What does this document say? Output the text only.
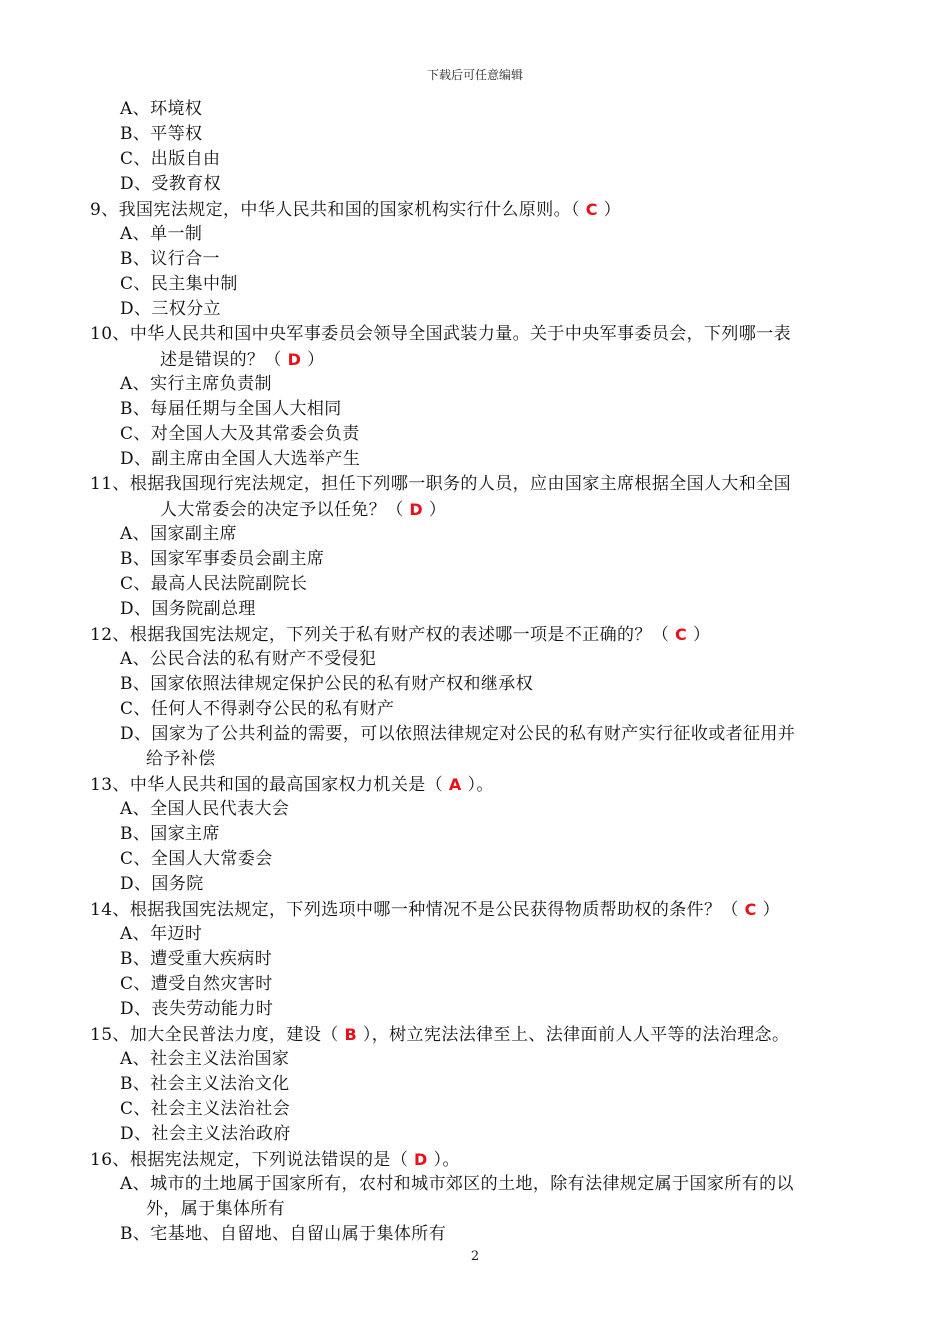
下载后可任意编辑
A、环境权
B、平等权
C、出版自由
D、受教育权
9、我国宪法规定，中华人民共和国的国家机构实行什么原则。（ C ）
A、单一制
B、议行合一
C、民主集中制
D、三权分立
10、中华人民共和国中央军事委员会领导全国武装力量。关于中央军事委员会，下列哪一表
述是错误的？（ D ）
A、实行主席负责制
B、每届任期与全国人大相同
C、对全国人大及其常委会负责
D、副主席由全国人大选举产生
11、根据我国现行宪法规定，担任下列哪一职务的人员，应由国家主席根据全国人大和全国
人大常委会的决定予以任免？（ D ）
A、国家副主席
B、国家军事委员会副主席
C、最高人民法院副院长
D、国务院副总理
12、根据我国宪法规定，下列关于私有财产权的表述哪一项是不正确的？（ C ）
A、公民合法的私有财产不受侵犯
B、国家依照法律规定保护公民的私有财产权和继承权
C、任何人不得剥夺公民的私有财产
D、国家为了公共利益的需要，可以依照法律规定对公民的私有财产实行征收或者征用并
给予补偿
13、中华人民共和国的最高国家权力机关是（ A ）。
A、全国人民代表大会
B、国家主席
C、全国人大常委会
D、国务院
14、根据我国宪法规定，下列选项中哪一种情况不是公民获得物质帮助权的条件？（ C ）
A、年迈时
B、遭受重大疾病时
C、遭受自然灾害时
D、丧失劳动能力时
15、加大全民普法力度，建设（ B ），树立宪法法律至上、法律面前人人平等的法治理念。
A、社会主义法治国家
B、社会主义法治文化
C、社会主义法治社会
D、社会主义法治政府
16、根据宪法规定，下列说法错误的是（ D ）。
A、城市的土地属于国家所有，农村和城市郊区的土地，除有法律规定属于国家所有的以
外，属于集体所有
B、宅基地、自留地、自留山属于集体所有
2
